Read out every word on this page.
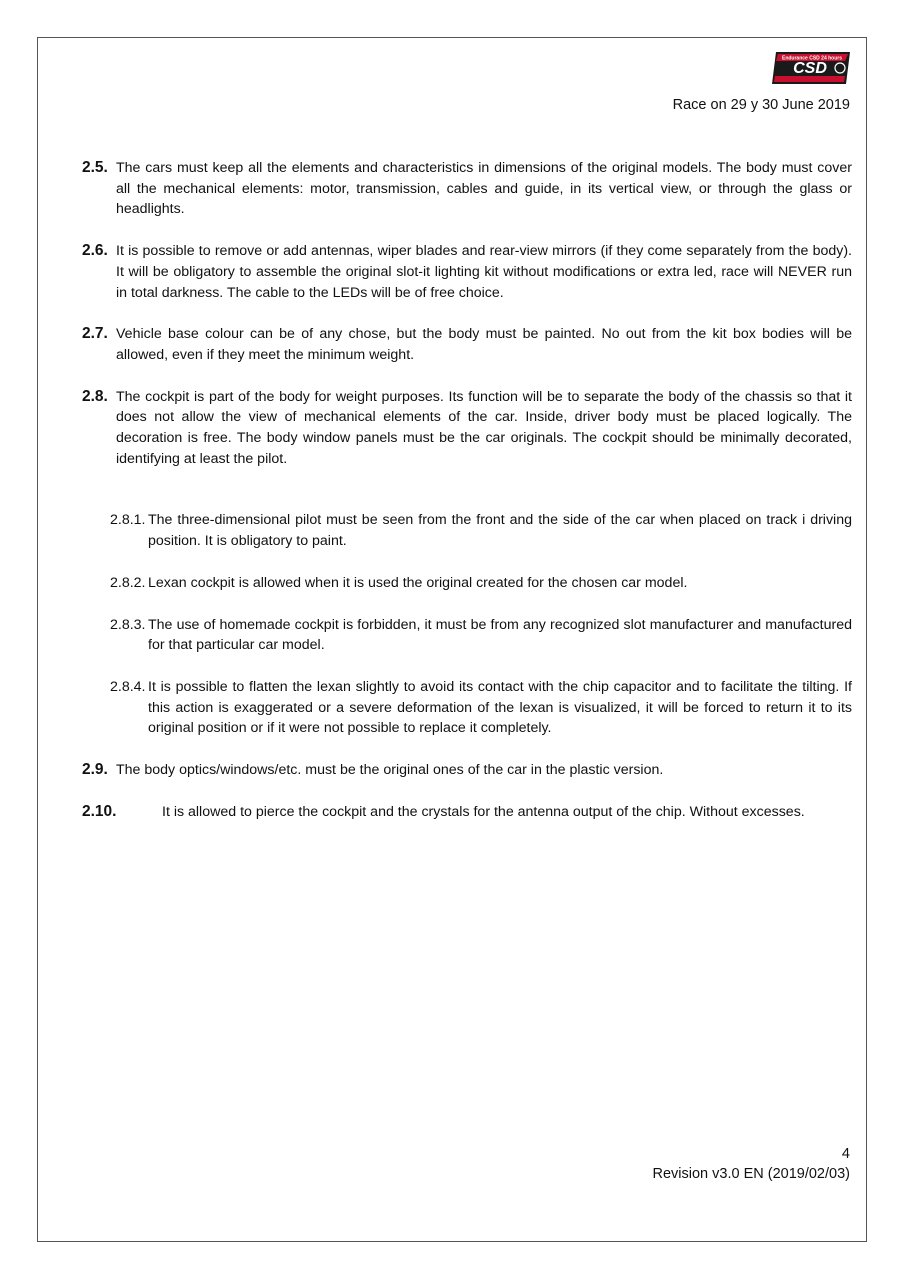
CSD
Endurance CSD 24 hours
Race on 29 y 30 June 2019
2.5. The cars must keep all the elements and characteristics in dimensions of the original models. The body must cover all the mechanical elements: motor, transmission, cables and guide, in its vertical view, or through the glass or headlights.
2.6. It is possible to remove or add antennas, wiper blades and rear-view mirrors (if they come separately from the body). It will be obligatory to assemble the original slot-it lighting kit without modifications or extra led, race will NEVER run in total darkness. The cable to the LEDs will be of free choice.
2.7. Vehicle base colour can be of any chose, but the body must be painted. No out from the kit box bodies will be allowed, even if they meet the minimum weight.
2.8. The cockpit is part of the body for weight purposes. Its function will be to separate the body of the chassis so that it does not allow the view of mechanical elements of the car. Inside, driver body must be placed logically. The decoration is free. The body window panels must be the car originals. The cockpit should be minimally decorated, identifying at least the pilot.
2.8.1. The three-dimensional pilot must be seen from the front and the side of the car when placed on track i driving position. It is obligatory to paint.
2.8.2. Lexan cockpit is allowed when it is used the original created for the chosen car model.
2.8.3. The use of homemade cockpit is forbidden, it must be from any recognized slot manufacturer and manufactured for that particular car model.
2.8.4. It is possible to flatten the lexan slightly to avoid its contact with the chip capacitor and to facilitate the tilting. If this action is exaggerated or a severe deformation of the lexan is visualized, it will be forced to return it to its original position or if it were not possible to replace it completely.
2.9. The body optics/windows/etc. must be the original ones of the car in the plastic version.
2.10.	It is allowed to pierce the cockpit and the crystals for the antenna output of the chip. Without excesses.
4
Revision v3.0 EN (2019/02/03)
